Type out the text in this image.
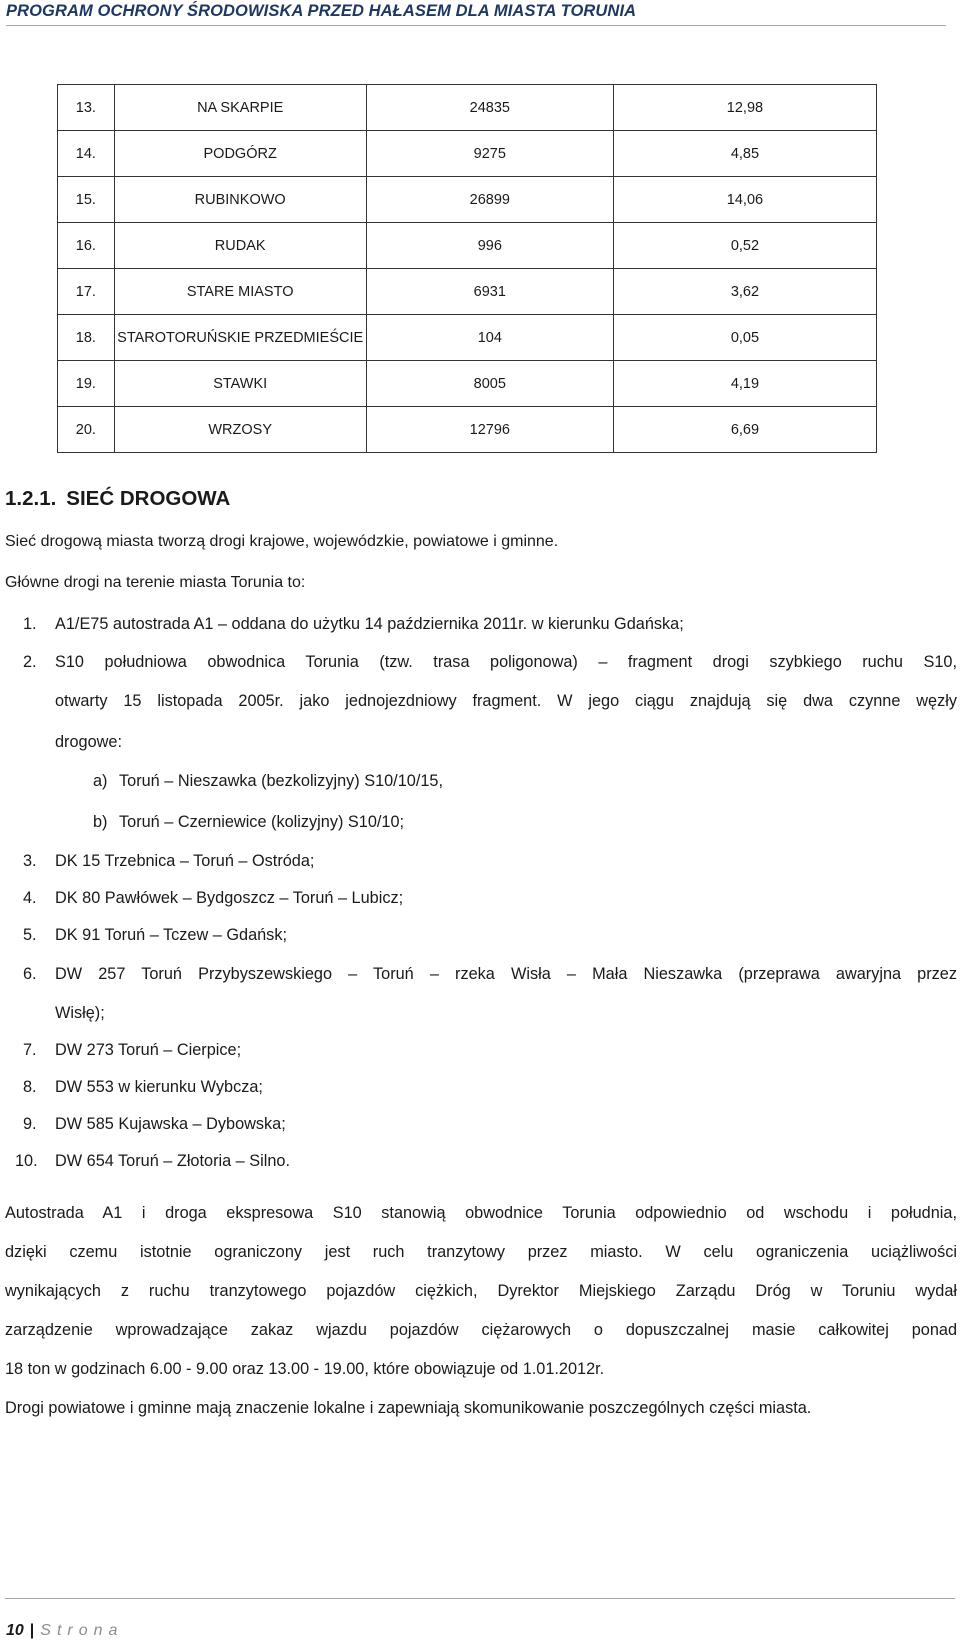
PROGRAM OCHRONY ŚRODOWISKA PRZED HAŁASEM DLA MIASTA TORUNIA
13.	NA SKARPIE	24835	12,98
14.	PODGÓRZ	9275	4,85
15.	RUBINKOWO	26899	14,06
16.	RUDAK	996	0,52
17.	STARE MIASTO	6931	3,62
18.	STAROTORUŃSKIE PRZEDMIEŚCIE	104	0,05
19.	STAWKI	8005	4,19
20.	WRZOSY	12796	6,69
1.2.1. SIEĆ DROGOWA
Sieć drogową miasta tworzą drogi krajowe, wojewódzkie, powiatowe i gminne.
Główne drogi na terenie miasta Torunia to:
1. A1/E75 autostrada A1 – oddana do użytku 14 października 2011r. w kierunku Gdańska;
2. S10 południowa obwodnica Torunia (tzw. trasa poligonowa) – fragment drogi szybkiego ruchu S10,
otwarty 15 listopada 2005r. jako jednojezdniowy fragment. W jego ciągu znajdują się dwa czynne węzły
drogowe:
a) Toruń – Nieszawka (bezkolizyjny) S10/10/15,
b) Toruń – Czerniewice (kolizyjny) S10/10;
3. DK 15 Trzebnica – Toruń – Ostróda;
4. DK 80 Pawłówek – Bydgoszcz – Toruń – Lubicz;
5. DK 91 Toruń – Tczew – Gdańsk;
6. DW 257 Toruń Przybyszewskiego – Toruń – rzeka Wisła – Mała Nieszawka (przeprawa awaryjna przez
Wisłę);
7. DW 273 Toruń – Cierpice;
8. DW 553 w kierunku Wybcza;
9. DW 585 Kujawska – Dybowska;
10. DW 654 Toruń – Złotoria – Silno.
Autostrada A1 i droga ekspresowa S10 stanowią obwodnice Torunia odpowiednio od wschodu i południa,
dzięki czemu istotnie ograniczony jest ruch tranzytowy przez miasto. W celu ograniczenia uciążliwości
wynikających z ruchu tranzytowego pojazdów ciężkich, Dyrektor Miejskiego Zarządu Dróg w Toruniu wydał
zarządzenie wprowadzające zakaz wjazdu pojazdów ciężarowych o dopuszczalnej masie całkowitej ponad
18 ton w godzinach 6.00 - 9.00 oraz 13.00 - 19.00, które obowiązuje od 1.01.2012r.
Drogi powiatowe i gminne mają znaczenie lokalne i zapewniają skomunikowanie poszczególnych części miasta.
10 | Strona
